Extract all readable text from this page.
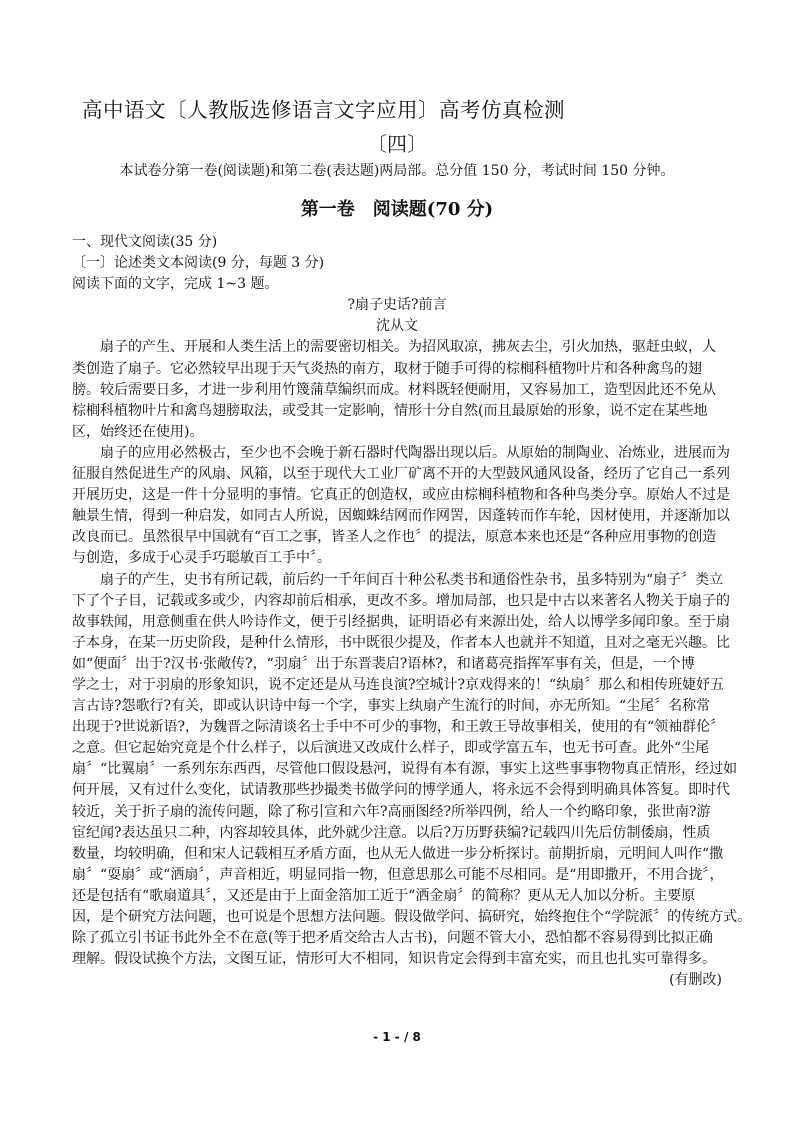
高中语文〔人教版选修语言文字应用〕高考仿真检测
〔四〕
本试卷分第一卷(阅读题)和第二卷(表达题)两局部。总分值 150 分，考试时间 150 分钟。
第一卷　阅读题(70 分)
一、现代文阅读(35 分)
〔一〕论述类文本阅读(9 分，每题 3 分)
阅读下面的文字，完成 1~3 题。
?扇子史话?前言
沈从文
扇子的产生、开展和人类生活上的需要密切相关。为招风取凉，拂灰去尘，引火加热，驱赶虫蚁，人
类创造了扇子。它必然较早出现于天气炎热的南方，取材于随手可得的棕榈科植物叶片和各种禽鸟的翅
膀。较后需要日多，才进一步利用竹篾蒲草编织而成。材料既轻便耐用，又容易加工，造型因此还不免从
棕榈科植物叶片和禽鸟翅膀取法，或受其一定影响，情形十分自然(而且最原始的形象，说不定在某些地
区，始终还在使用)。
扇子的应用必然极古，至少也不会晚于新石器时代陶器出现以后。从原始的制陶业、冶炼业，进展而为
征服自然促进生产的风扇、风箱，以至于现代大工业厂矿离不开的大型鼓风通风设备，经历了它自己一系列
开展历史，这是一件十分显明的事情。它真正的创造权，或应由棕榈科植物和各种鸟类分享。原始人不过是
触景生情，得到一种启发，如同古人所说，因蜘蛛结网而作网罟，因蓬转而作车轮，因材使用，并逐渐加以
改良而已。虽然很早中国就有“百工之事，皆圣人之作也〞的提法，原意本来也还是“各种应用事物的创造
与创造，多成于心灵手巧聪敏百工手中〞。
扇子的产生，史书有所记载，前后约一千年间百十种公私类书和通俗性杂书，虽多特别为“扇子〞类立
下了个子目，记载或多或少，内容却前后相承，更改不多。增加局部，也只是中古以来著名人物关于扇子的
故事轶闻，用意侧重在供人吟诗作文，便于引经据典，证明语必有来源出处，给人以博学多闻印象。至于扇
子本身，在某一历史阶段，是种什么情形，书中既很少提及，作者本人也就并不知道，且对之毫无兴趣。比
如“便面〞出于?汉书·张敞传?，“羽扇〞出于东晋裴启?语林?，和诸葛亮指挥军事有关，但是，一个博
学之士，对于羽扇的形象知识，说不定还是从马连良演?空城计?京戏得来的！“纨扇〞那么和相传班婕妤五
言古诗?怨歌行?有关，即或认识诗中每一个字，事实上纨扇产生流行的时间，亦无所知。“尘尾〞名称常
出现于?世说新语?，为魏晋之际清谈名士手中不可少的事物，和王敦王导故事相关，使用的有“领袖群伦〞
之意。但它起始究竟是个什么样子，以后演进又改成什么样子，即或学富五车，也无书可查。此外“尘尾
扇〞“比翼扇〞一系列东东西西，尽管他口假设悬河，说得有本有源，事实上这些事事物物真正情形，经过如
何开展，又有过什么变化，试请教那些抄撮类书做学问的博学通人，将永远不会得到明确具体答复。即时代
较近，关于折子扇的流传问题，除了称引宣和六年?高丽图经?所举四例，给人一个约略印象，张世南?游
宦纪闻?表达虽只二种，内容却较具体，此外就少注意。以后?万历野获编?记载四川先后仿制倭扇，性质
数量，均较明确，但和宋人记载相互矛盾方面，也从无人做进一步分析探讨。前期折扇，元明间人叫作“撒
扇〞“耍扇〞或“洒扇〞，声音相近，明显同指一物，但意思那么可能不尽相同。是“用即撒开，不用合拢〞，
还是包括有“歌扇道具〞，又还是由于上面金箔加工近于“洒金扇〞的简称？更从无人加以分析。主要原
因，是个研究方法问题，也可说是个思想方法问题。假设做学问、搞研究，始终抱住个“学院派〞的传统方式。
除了孤立引书证书此外全不在意(等于把矛盾交给古人古书)，问题不管大小，恐怕都不容易得到比拟正确
理解。假设试换个方法，文图互证，情形可大不相同，知识肯定会得到丰富充实，而且也扎实可靠得多。
(有删改)
- 1 - / 8
